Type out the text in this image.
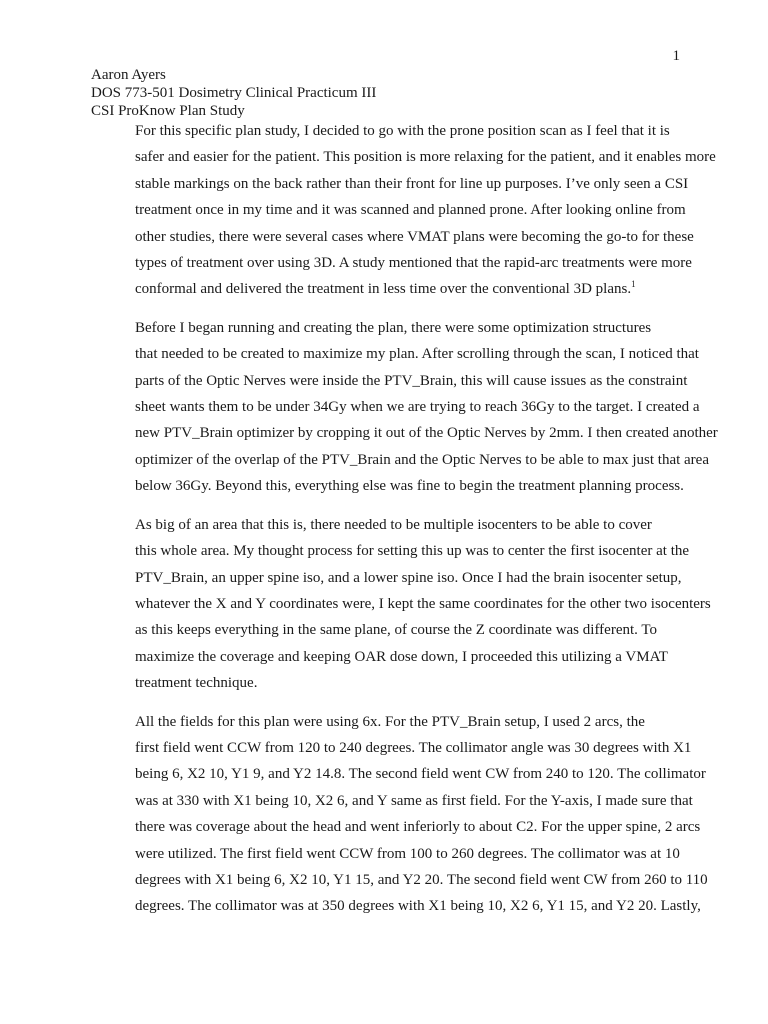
1
Aaron Ayers
DOS 773-501 Dosimetry Clinical Practicum III
CSI ProKnow Plan Study

For this specific plan study, I decided to go with the prone position scan as I feel that it is
safer and easier for the patient. This position is more relaxing for the patient, and it enables more
stable markings on the back rather than their front for line up purposes. I’ve only seen a CSI
treatment once in my time and it was scanned and planned prone. After looking online from
other studies, there were several cases where VMAT plans were becoming the go-to for these
types of treatment over using 3D. A study mentioned that the rapid-arc treatments were more
conformal and delivered the treatment in less time over the conventional 3D plans.$^1$

Before I began running and creating the plan, there were some optimization structures
that needed to be created to maximize my plan. After scrolling through the scan, I noticed that
parts of the Optic Nerves were inside the PTV_Brain, this will cause issues as the constraint
sheet wants them to be under 34Gy when we are trying to reach 36Gy to the target. I created a
new PTV_Brain optimizer by cropping it out of the Optic Nerves by 2mm. I then created another
optimizer of the overlap of the PTV_Brain and the Optic Nerves to be able to max just that area
below 36Gy. Beyond this, everything else was fine to begin the treatment planning process.

As big of an area that this is, there needed to be multiple isocenters to be able to cover
this whole area. My thought process for setting this up was to center the first isocenter at the
PTV_Brain, an upper spine iso, and a lower spine iso. Once I had the brain isocenter setup,
whatever the X and Y coordinates were, I kept the same coordinates for the other two isocenters
as this keeps everything in the same plane, of course the Z coordinate was different. To
maximize the coverage and keeping OAR dose down, I proceeded this utilizing a VMAT
treatment technique.

All the fields for this plan were using 6x. For the PTV_Brain setup, I used 2 arcs, the
first field went CCW from 120 to 240 degrees. The collimator angle was 30 degrees with X1
being 6, X2 10, Y1 9, and Y2 14.8. The second field went CW from 240 to 120. The collimator
was at 330 with X1 being 10, X2 6, and Y same as first field. For the Y-axis, I made sure that
there was coverage about the head and went inferiorly to about C2. For the upper spine, 2 arcs
were utilized. The first field went CCW from 100 to 260 degrees. The collimator was at 10
degrees with X1 being 6, X2 10, Y1 15, and Y2 20. The second field went CW from 260 to 110
degrees. The collimator was at 350 degrees with X1 being 10, X2 6, Y1 15, and Y2 20. Lastly,
